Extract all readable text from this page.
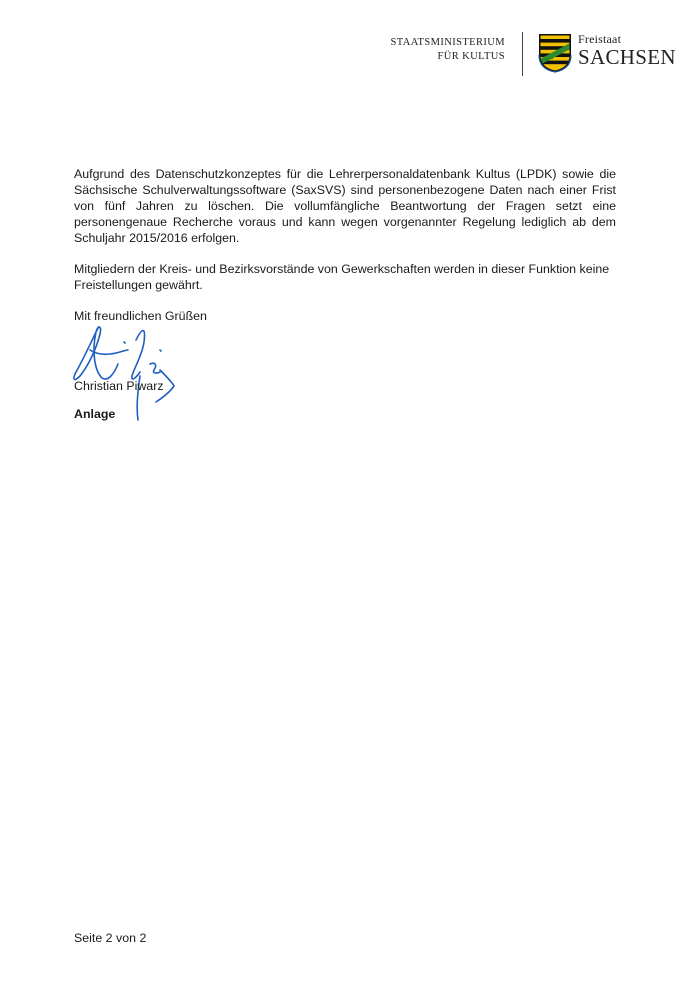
STAATSMINISTERIUM
FÜR KULTUS
Freistaat
SACHSEN

Aufgrund des Datenschutzkonzeptes für die Lehrerpersonaldatenbank Kultus (LPDK) sowie die Sächsische Schulverwaltungssoftware (SaxSVS) sind personenbezogene Daten nach einer Frist von fünf Jahren zu löschen. Die vollumfängliche Beantwortung der Fragen setzt eine personengenaue Recherche voraus und kann wegen vorgenannter Regelung lediglich ab dem Schuljahr 2015/2016 erfolgen.

Mitgliedern der Kreis- und Bezirksvorstände von Gewerkschaften werden in dieser Funktion keine Freistellungen gewährt.

Mit freundlichen Grüßen

Christian Piwarz
Anlage
Seite 2 von 2
